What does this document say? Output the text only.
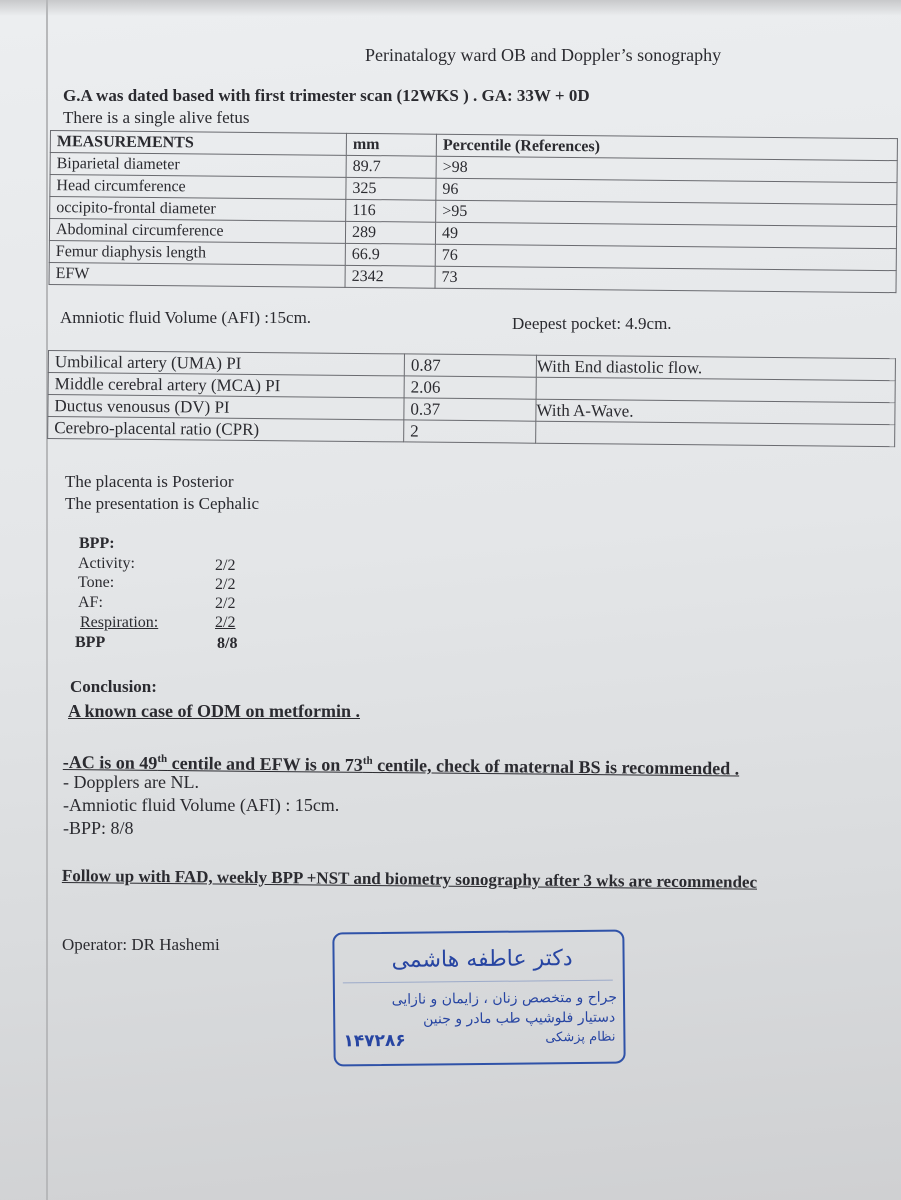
Perinatalogy ward OB and Doppler’s sonography
G.A was dated based with first trimester scan (12WKS ) . GA: 33W + 0D
There is a single alive fetus
MEASUREMENTS	mm	Percentile (References)
Biparietal diameter	89.7	>98
Head circumference	325	96
occipito-frontal diameter	116	>95
Abdominal circumference	289	49
Femur diaphysis length	66.9	76
EFW	2342	73
Amniotic fluid Volume (AFI) :15cm.	Deepest pocket: 4.9cm.
Umbilical artery (UMA) PI	0.87	With End diastolic flow.
Middle cerebral artery (MCA) PI	2.06	
Ductus venousus (DV) PI	0.37	With A-Wave.
Cerebro-placental ratio (CPR)	2	
The placenta is Posterior
The presentation is Cephalic
BPP:
Activity:	2/2
Tone:	2/2
AF:	2/2
Respiration:	2/2
BPP	8/8
Conclusion:
A known case of ODM on metformin .
-AC is on 49th centile and EFW is on 73th centile, check of maternal BS is recommended .
- Dopplers are NL.
-Amniotic fluid Volume (AFI) : 15cm.
-BPP: 8/8
Follow up with FAD, weekly BPP +NST and biometry sonography after 3 wks are recommendec
Operator: DR Hashemi
دکتر عاطفه هاشمی
جراح و متخصص زنان ، زایمان و نازایی
دستیار فلوشیپ طب مادر و جنین
نظام پزشکی
۱۴۷۲۸۶
